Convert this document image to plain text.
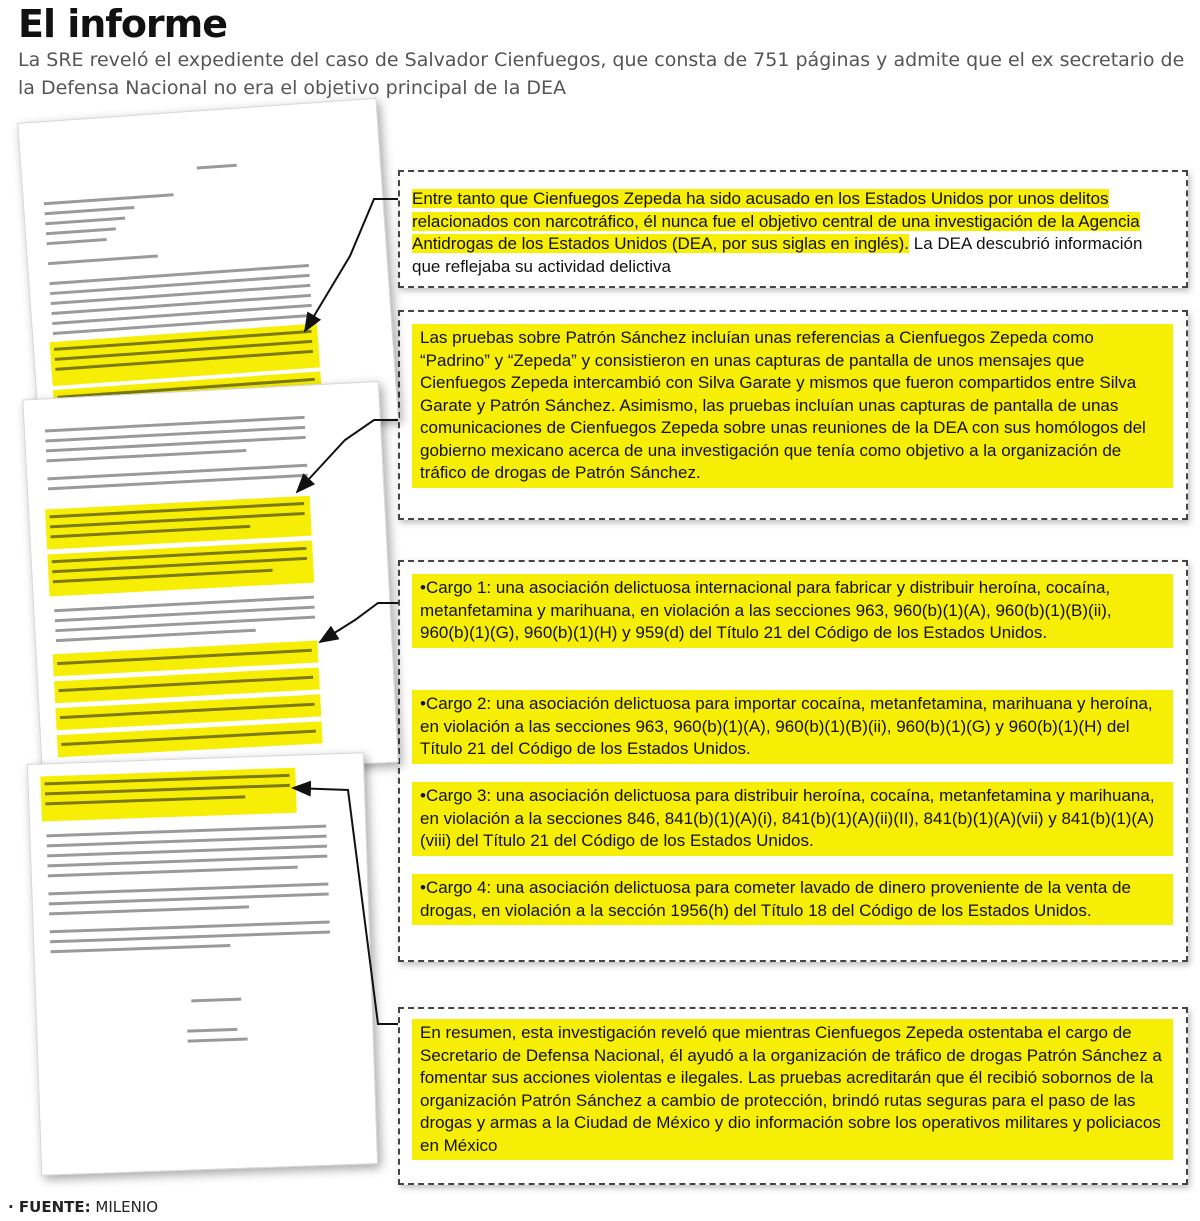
El informe

La SRE reveló el expediente del caso de Salvador Cienfuegos, que consta de 751 páginas y admite que el ex secretario de la Defensa Nacional no era el objetivo principal de la DEA

Entre tanto que Cienfuegos Zepeda ha sido acusado en los Estados Unidos por unos delitos relacionados con narcotráfico, él nunca fue el objetivo central de una investigación de la Agencia Antidrogas de los Estados Unidos (DEA, por sus siglas en inglés). La DEA descubrió información que reflejaba su actividad delictiva

Las pruebas sobre Patrón Sánchez incluían unas referencias a Cienfuegos Zepeda como “Padrino” y “Zepeda” y consistieron en unas capturas de pantalla de unos mensajes que Cienfuegos Zepeda intercambió con Silva Garate y mismos que fueron compartidos entre Silva Garate y Patrón Sánchez. Asimismo, las pruebas incluían unas capturas de pantalla de unas comunicaciones de Cienfuegos Zepeda sobre unas reuniones de la DEA con sus homólogos del gobierno mexicano acerca de una investigación que tenía como objetivo a la organización de tráfico de drogas de Patrón Sánchez.

•Cargo 1: una asociación delictuosa internacional para fabricar y distribuir heroína, cocaína, metanfetamina y marihuana, en violación a las secciones 963, 960(b)(1)(A), 960(b)(1)(B)(ii), 960(b)(1)(G), 960(b)(1)(H) y 959(d) del Título 21 del Código de los Estados Unidos.

•Cargo 2: una asociación delictuosa para importar cocaína, metanfetamina, marihuana y heroína, en violación a las secciones 963, 960(b)(1)(A), 960(b)(1)(B)(ii), 960(b)(1)(G) y 960(b)(1)(H) del Título 21 del Código de los Estados Unidos.

•Cargo 3: una asociación delictuosa para distribuir heroína, cocaína, metanfetamina y marihuana, en violación a la secciones 846, 841(b)(1)(A)(i), 841(b)(1)(A)(ii)(II), 841(b)(1)(A)(vii) y 841(b)(1)(A)(viii) del Título 21 del Código de los Estados Unidos.

•Cargo 4: una asociación delictuosa para cometer lavado de dinero proveniente de la venta de drogas, en violación a la sección 1956(h) del Título 18 del Código de los Estados Unidos.

En resumen, esta investigación reveló que mientras Cienfuegos Zepeda ostentaba el cargo de Secretario de Defensa Nacional, él ayudó a la organización de tráfico de drogas Patrón Sánchez a fomentar sus acciones violentas e ilegales. Las pruebas acreditarán que él recibió sobornos de la organización Patrón Sánchez a cambio de protección, brindó rutas seguras para el paso de las drogas y armas a la Ciudad de México y dio información sobre los operativos militares y policiacos en México

· FUENTE: MILENIO
